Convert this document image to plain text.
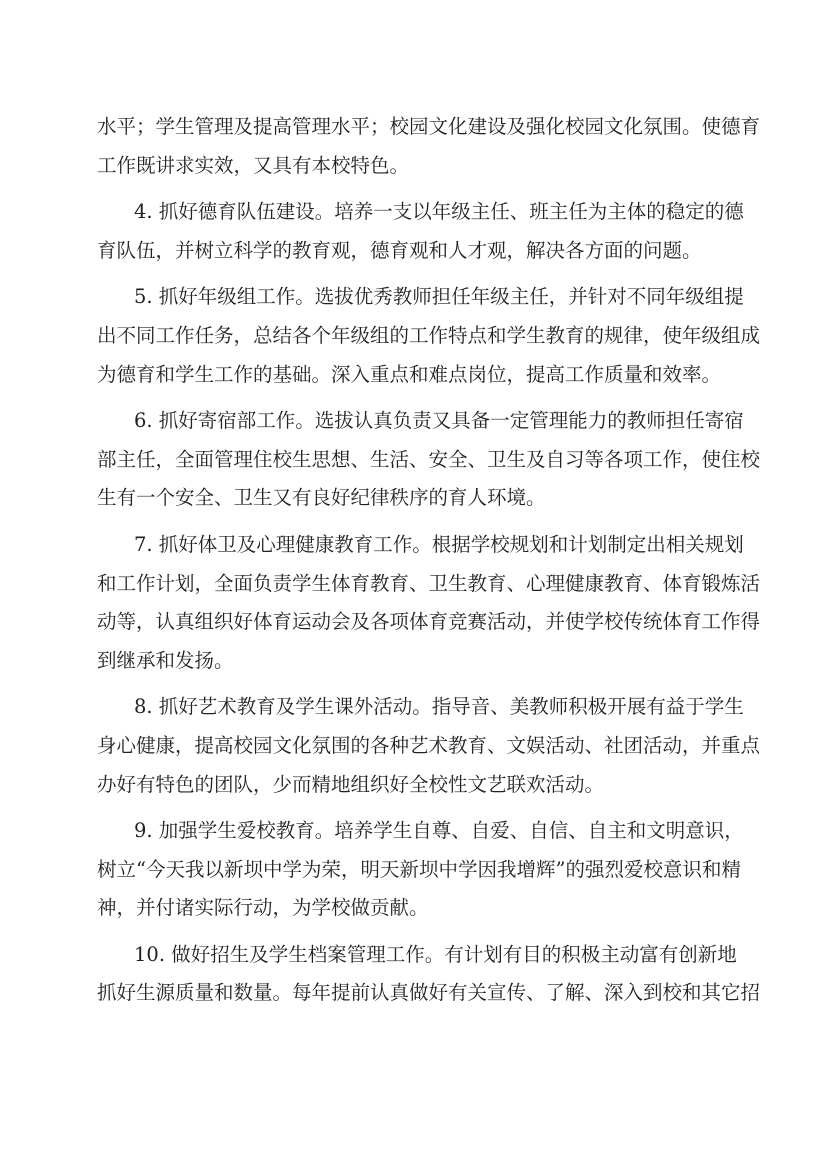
水平；学生管理及提高管理水平；校园文化建设及强化校园文化氛围。使德育
工作既讲求实效，又具有本校特色。
4. 抓好德育队伍建设。培养一支以年级主任、班主任为主体的稳定的德
育队伍，并树立科学的教育观，德育观和人才观，解决各方面的问题。
5. 抓好年级组工作。选拔优秀教师担任年级主任，并针对不同年级组提
出不同工作任务，总结各个年级组的工作特点和学生教育的规律，使年级组成
为德育和学生工作的基础。深入重点和难点岗位，提高工作质量和效率。
6. 抓好寄宿部工作。选拔认真负责又具备一定管理能力的教师担任寄宿
部主任，全面管理住校生思想、生活、安全、卫生及自习等各项工作，使住校
生有一个安全、卫生又有良好纪律秩序的育人环境。
7. 抓好体卫及心理健康教育工作。根据学校规划和计划制定出相关规划
和工作计划，全面负责学生体育教育、卫生教育、心理健康教育、体育锻炼活
动等，认真组织好体育运动会及各项体育竞赛活动，并使学校传统体育工作得
到继承和发扬。
8. 抓好艺术教育及学生课外活动。指导音、美教师积极开展有益于学生
身心健康，提高校园文化氛围的各种艺术教育、文娱活动、社团活动，并重点
办好有特色的团队，少而精地组织好全校性文艺联欢活动。
9. 加强学生爱校教育。培养学生自尊、自爱、自信、自主和文明意识，
树立“今天我以新坝中学为荣，明天新坝中学因我增辉”的强烈爱校意识和精
神，并付诸实际行动，为学校做贡献。
10. 做好招生及学生档案管理工作。有计划有目的积极主动富有创新地
抓好生源质量和数量。每年提前认真做好有关宣传、了解、深入到校和其它招
